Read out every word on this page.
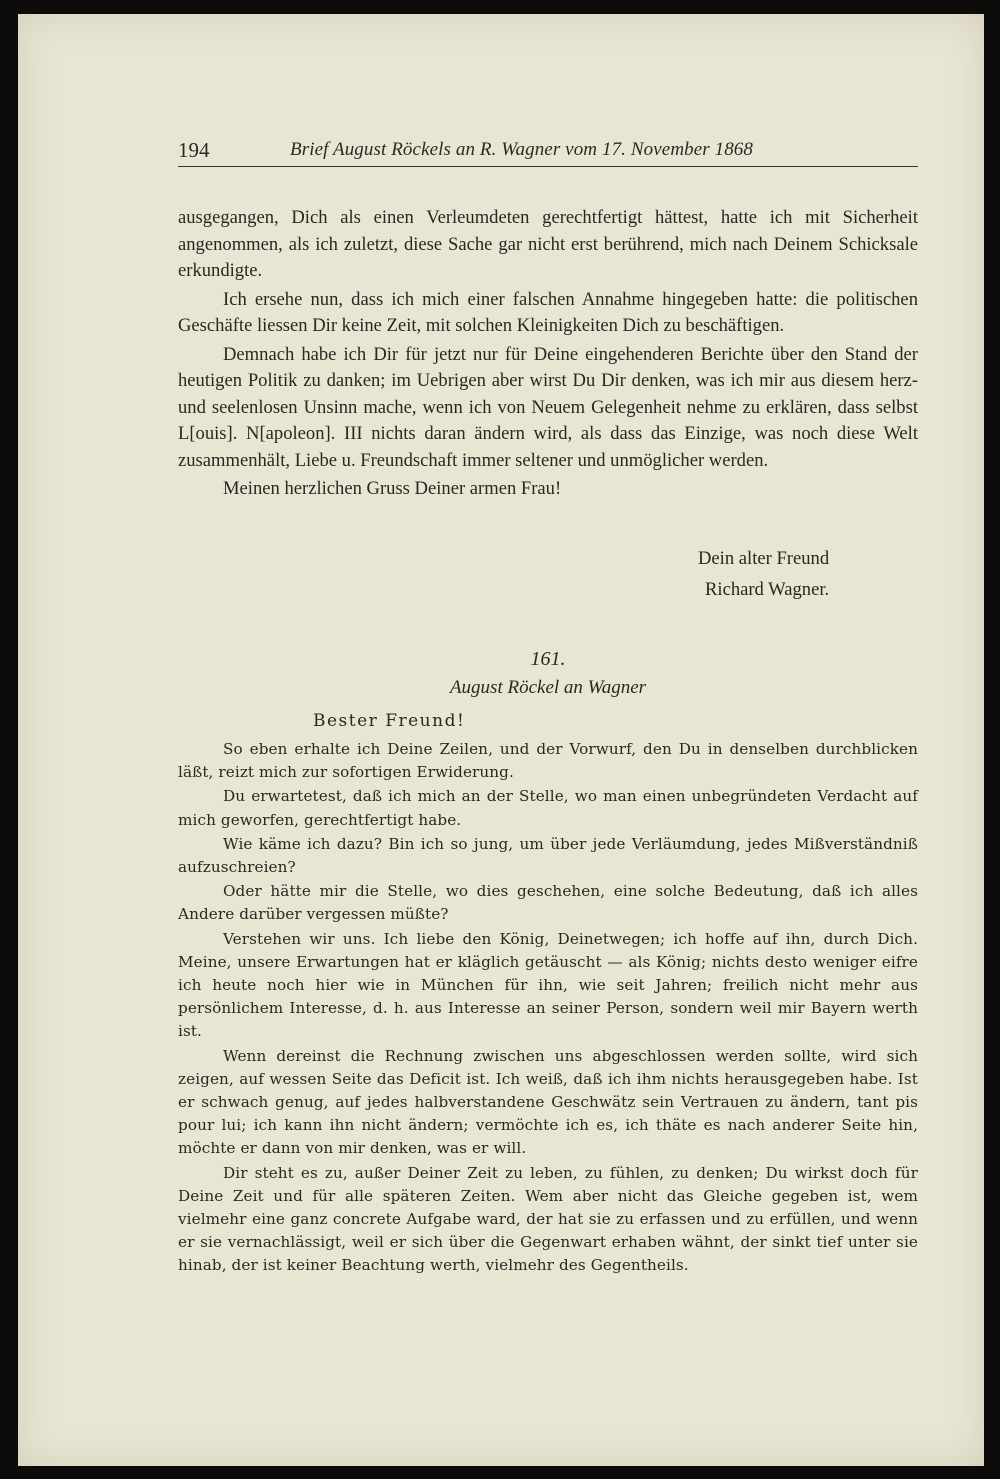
194	Brief August Röckels an R. Wagner vom 17. November 1868

ausgegangen, Dich als einen Verleumdeten gerechtfertigt hättest, hatte ich mit Sicherheit angenommen, als ich zuletzt, diese Sache gar nicht erst berührend, mich nach Deinem Schicksale erkundigte.

Ich ersehe nun, dass ich mich einer falschen Annahme hingegeben hatte: die politischen Geschäfte liessen Dir keine Zeit, mit solchen Kleinigkeiten Dich zu beschäftigen.

Demnach habe ich Dir für jetzt nur für Deine eingehenderen Berichte über den Stand der heutigen Politik zu danken; im Uebrigen aber wirst Du Dir denken, was ich mir aus diesem herz- und seelenlosen Unsinn mache, wenn ich von Neuem Gelegenheit nehme zu erklären, dass selbst L[ouis]. N[apoleon]. III nichts daran ändern wird, als dass das Einzige, was noch diese Welt zusammenhält, Liebe u. Freundschaft immer seltener und unmöglicher werden.

Meinen herzlichen Gruss Deiner armen Frau!

Dein alter Freund
Richard Wagner.
161.
August Röckel an Wagner
Bester Freund!

So eben erhalte ich Deine Zeilen, und der Vorwurf, den Du in denselben durchblicken läßt, reizt mich zur sofortigen Erwiderung.

Du erwartetest, daß ich mich an der Stelle, wo man einen unbegründeten Verdacht auf mich geworfen, gerechtfertigt habe.

Wie käme ich dazu? Bin ich so jung, um über jede Verläumdung, jedes Mißverständniß aufzuschreien?

Oder hätte mir die Stelle, wo dies geschehen, eine solche Bedeutung, daß ich alles Andere darüber vergessen müßte?

Verstehen wir uns. Ich liebe den König, Deinetwegen; ich hoffe auf ihn, durch Dich. Meine, unsere Erwartungen hat er kläglich getäuscht — als König; nichts desto weniger eifre ich heute noch hier wie in München für ihn, wie seit Jahren; freilich nicht mehr aus persönlichem Interesse, d. h. aus Interesse an seiner Person, sondern weil mir Bayern werth ist.

Wenn dereinst die Rechnung zwischen uns abgeschlossen werden sollte, wird sich zeigen, auf wessen Seite das Deficit ist. Ich weiß, daß ich ihm nichts herausgegeben habe. Ist er schwach genug, auf jedes halbverstandene Geschwätz sein Vertrauen zu ändern, tant pis pour lui; ich kann ihn nicht ändern; vermöchte ich es, ich thäte es nach anderer Seite hin, möchte er dann von mir denken, was er will.

Dir steht es zu, außer Deiner Zeit zu leben, zu fühlen, zu denken; Du wirkst doch für Deine Zeit und für alle späteren Zeiten. Wem aber nicht das Gleiche gegeben ist, wem vielmehr eine ganz concrete Aufgabe ward, der hat sie zu erfassen und zu erfüllen, und wenn er sie vernachlässigt, weil er sich über die Gegenwart erhaben wähnt, der sinkt tief unter sie hinab, der ist keiner Beachtung werth, vielmehr des Gegentheils.
